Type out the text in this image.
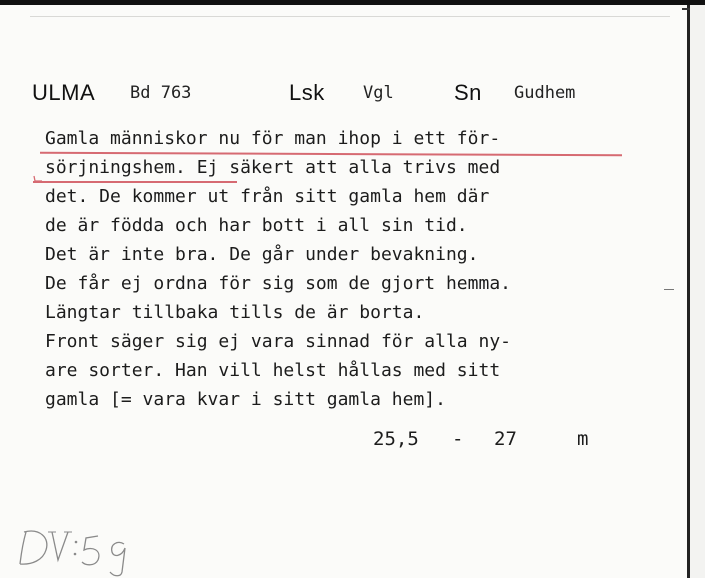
ULMA Bd 763	Lsk Vgl	Sn Gudhem
Gamla människor nu för man ihop i ett för-
sörjningshem. Ej säkert att alla trivs med
det. De kommer ut från sitt gamla hem där
de är födda och har bott i all sin tid.
Det är inte bra. De går under bevakning.
De får ej ordna för sig som de gjort hemma.
Längtar tillbaka tills de är borta.
Front säger sig ej vara sinnad för alla ny-
are sorter. Han vill helst hållas med sitt
gamla [= vara kvar i sitt gamla hem].
25,5 - 27	m
